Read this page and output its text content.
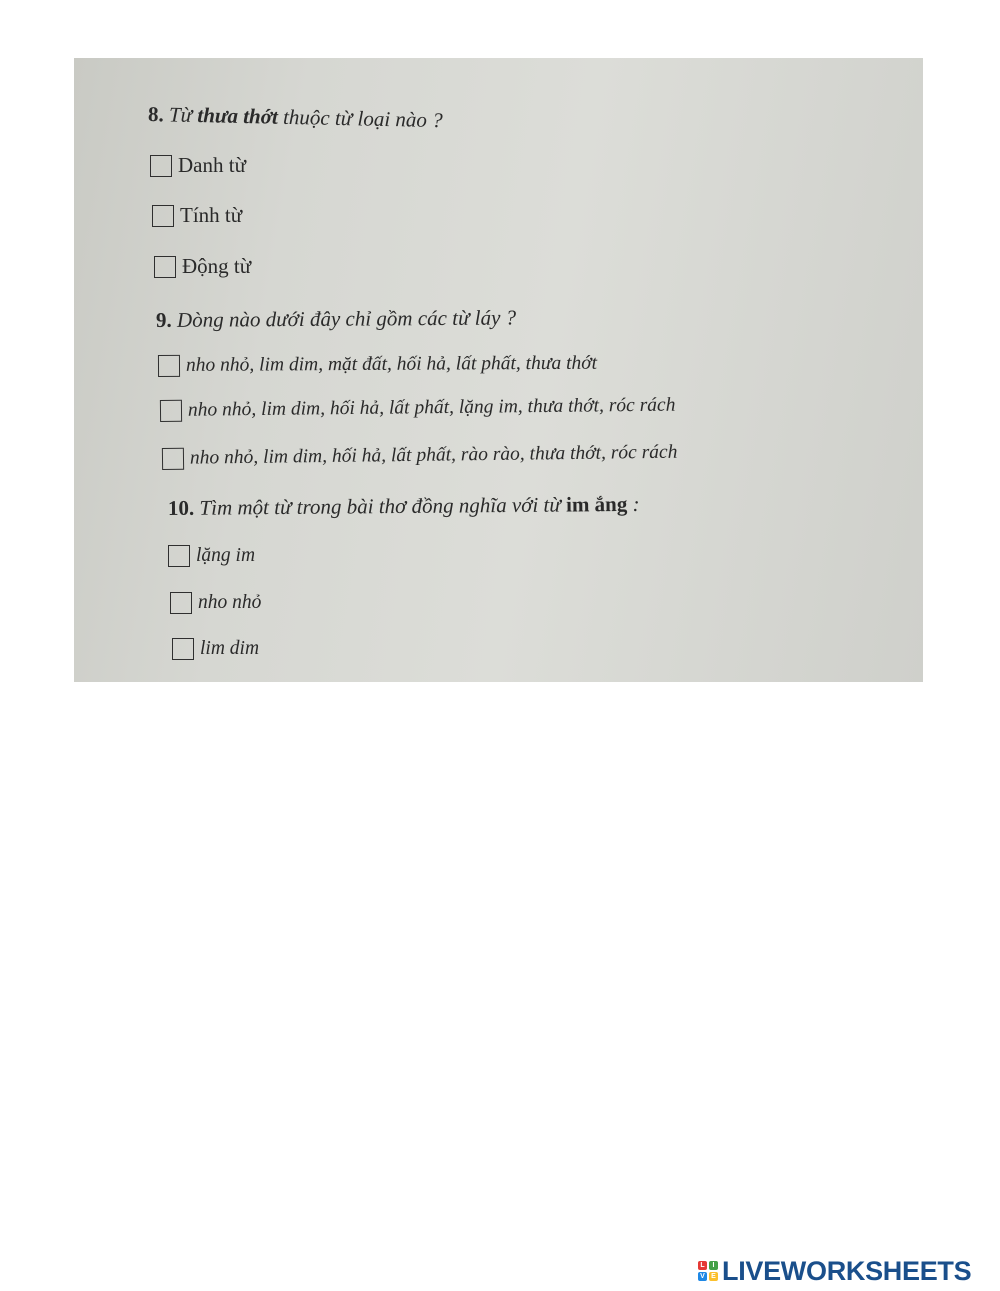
8. Từ thưa thớt thuộc từ loại nào ?
Danh từ
Tính từ
Động từ
9. Dòng nào dưới đây chỉ gồm các từ láy ?
nho nhỏ, lim dim, mặt đất, hối hả, lất phất, thưa thớt
nho nhỏ, lim dim, hối hả, lất phất, lặng im, thưa thớt, róc rách
nho nhỏ, lim dim, hối hả, lất phất, rào rào, thưa thớt, róc rách
10. Tìm một từ trong bài thơ đồng nghĩa với từ im ắng :
lặng im
nho nhỏ
lim dim
L	I
V E LIVEWORKSHEETS
